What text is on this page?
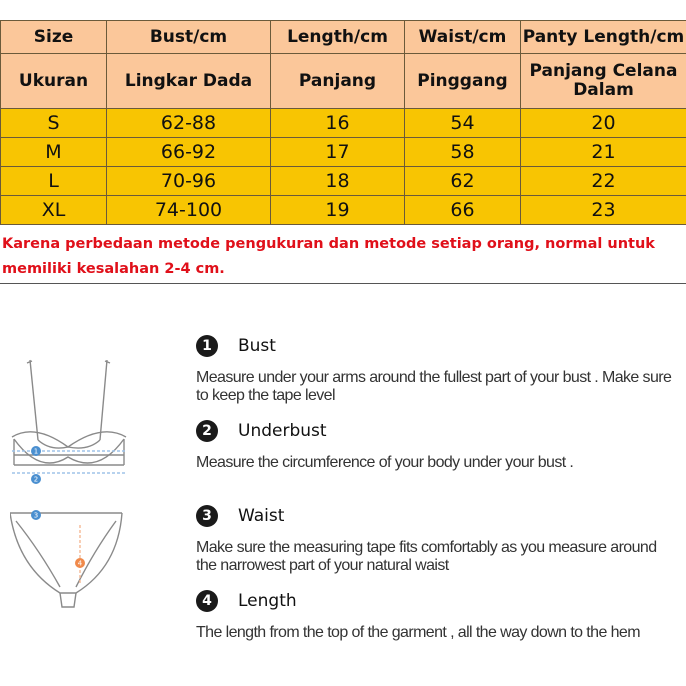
Size	Bust/cm	Length/cm	Waist/cm	Panty Length/cm
Ukuran	Lingkar Dada	Panjang	Pinggang	Panjang Celana Dalam
S	62-88	16	54	20
M	66-92	17	58	21
L	70-96	18	62	22
XL	74-100	19	66	23
Karena perbedaan metode pengukuran dan metode setiap orang, normal untuk memiliki kesalahan 2-4 cm.
1
2
3
4
1	Bust
Measure under your arms around the fullest part of your bust . Make sure to keep the tape level
2	Underbust
Measure the circumference of your body under your bust .
3	Waist
Make sure the measuring tape fits comfortably as you measure around the narrowest part of your natural waist
4	Length
The length from the top of the garment , all the way down to the hem
